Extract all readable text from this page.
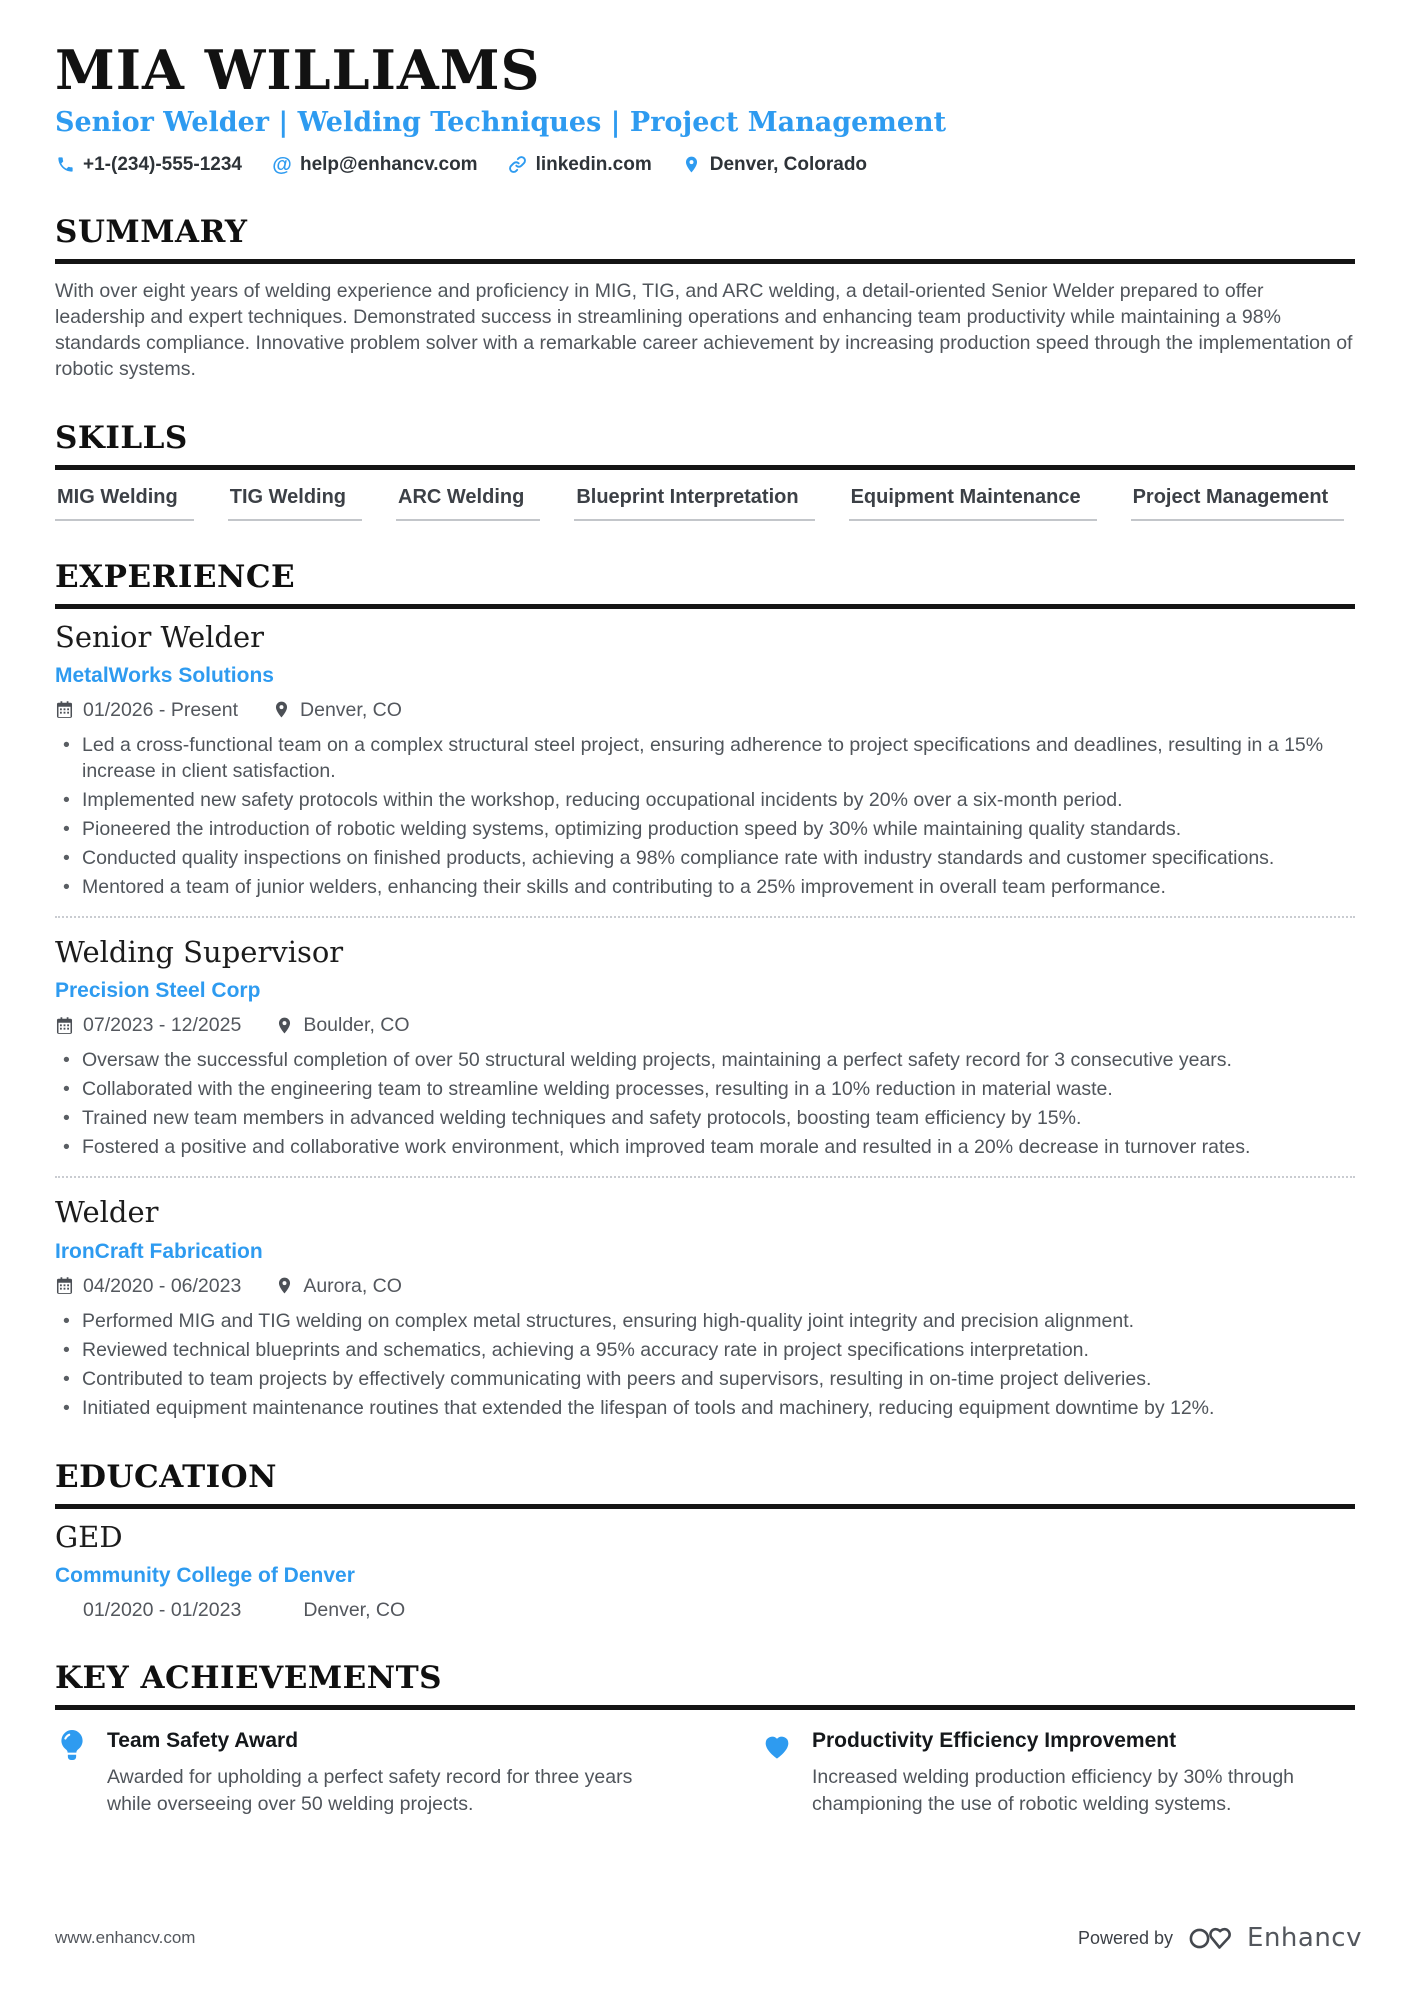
MIA WILLIAMS
Senior Welder | Welding Techniques | Project Management
+1-(234)-555-1234 @ help@enhancv.com	linkedin.com	Denver, Colorado
SUMMARY

With over eight years of welding experience and proficiency in MIG, TIG, and ARC welding, a detail-oriented Senior Welder prepared to offer leadership and expert techniques. Demonstrated success in streamlining operations and enhancing team productivity while maintaining a 98% standards compliance. Innovative problem solver with a remarkable career achievement by increasing production speed through the implementation of robotic systems.

SKILLS
MIG Welding	TIG Welding	ARC Welding	Blueprint Interpretation	Equipment Maintenance	Project Management
EXPERIENCE
Senior Welder
MetalWorks Solutions
01/2026 - Present	Denver, CO
• Led a cross-functional team on a complex structural steel project, ensuring adherence to project specifications and deadlines, resulting in a 15% increase in client satisfaction.
• Implemented new safety protocols within the workshop, reducing occupational incidents by 20% over a six-month period.
• Pioneered the introduction of robotic welding systems, optimizing production speed by 30% while maintaining quality standards.
• Conducted quality inspections on finished products, achieving a 98% compliance rate with industry standards and customer specifications.
• Mentored a team of junior welders, enhancing their skills and contributing to a 25% improvement in overall team performance.
Welding Supervisor
Precision Steel Corp
07/2023 - 12/2025	Boulder, CO
• Oversaw the successful completion of over 50 structural welding projects, maintaining a perfect safety record for 3 consecutive years.
• Collaborated with the engineering team to streamline welding processes, resulting in a 10% reduction in material waste.
• Trained new team members in advanced welding techniques and safety protocols, boosting team efficiency by 15%.
• Fostered a positive and collaborative work environment, which improved team morale and resulted in a 20% decrease in turnover rates.
Welder
IronCraft Fabrication
04/2020 - 06/2023	Aurora, CO
• Performed MIG and TIG welding on complex metal structures, ensuring high-quality joint integrity and precision alignment.
• Reviewed technical blueprints and schematics, achieving a 95% accuracy rate in project specifications interpretation.
• Contributed to team projects by effectively communicating with peers and supervisors, resulting in on-time project deliveries.
• Initiated equipment maintenance routines that extended the lifespan of tools and machinery, reducing equipment downtime by 12%.
EDUCATION
GED
Community College of Denver
01/2020 - 01/2023	Denver, CO
KEY ACHIEVEMENTS
Team Safety Award
Awarded for upholding a perfect safety record for three years while overseeing over 50 welding projects.
Productivity Efficiency Improvement
Increased welding production efficiency by 30% through championing the use of robotic welding systems.
www.enhancv.com	Powered by	Enhancv
